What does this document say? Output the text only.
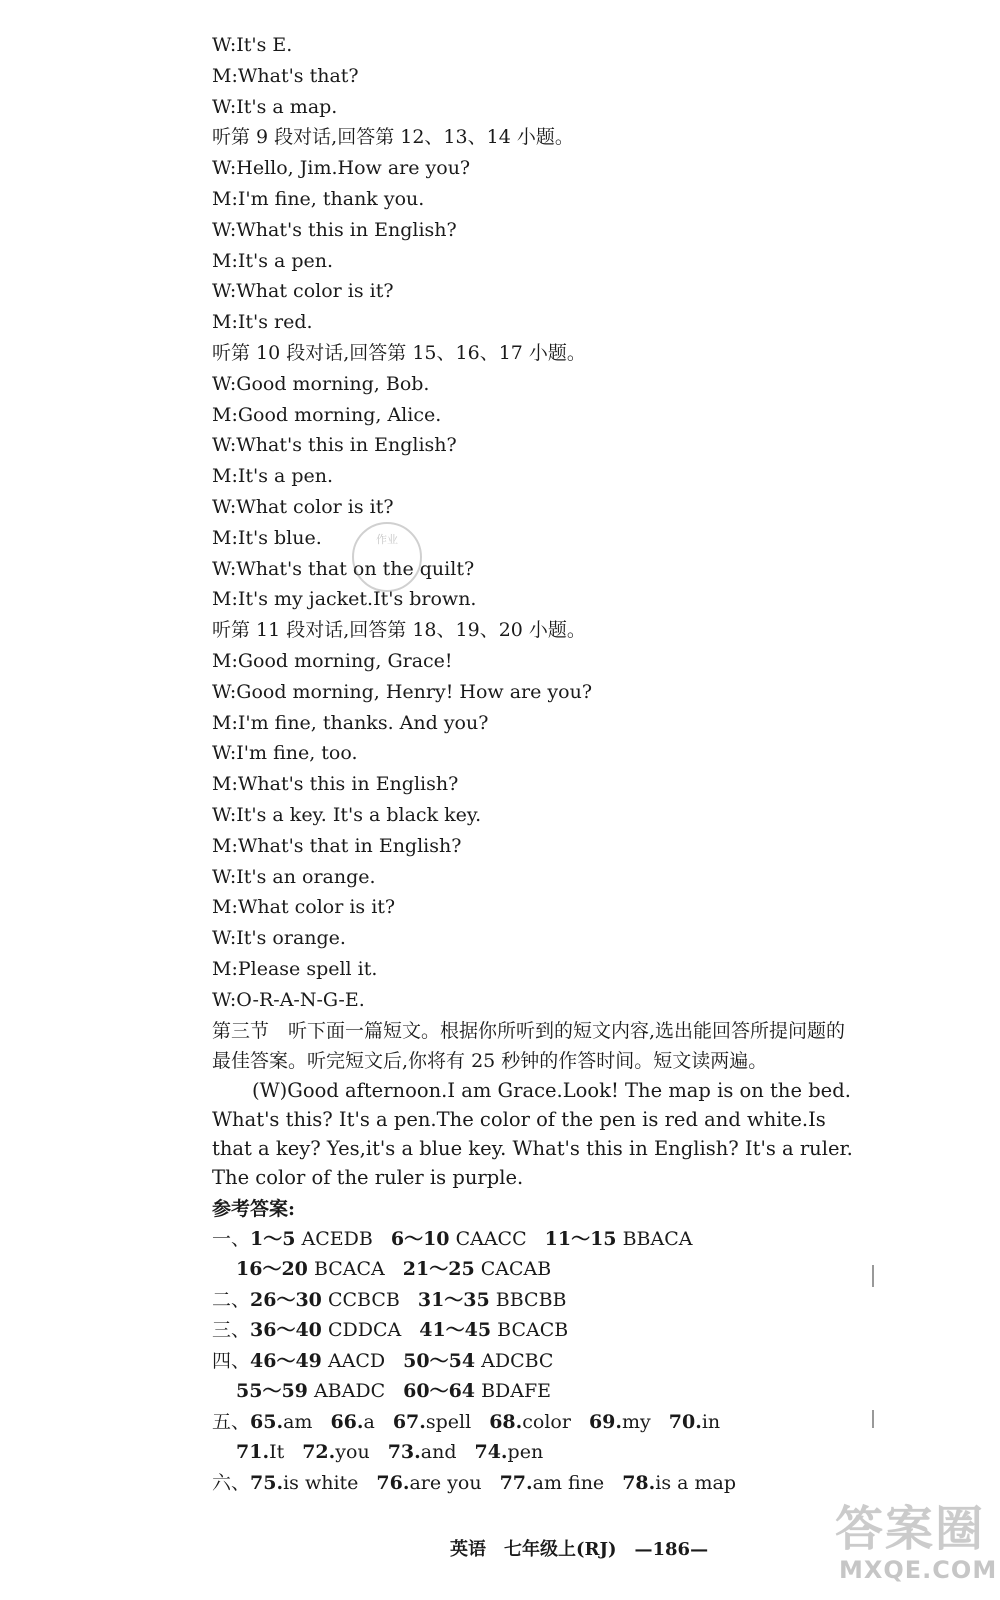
W:It's E.
M:What's that?
W:It's a map.
听第 9 段对话,回答第 12、13、14 小题。
W:Hello, Jim.How are you?
M:I'm fine, thank you.
W:What's this in English?
M:It's a pen.
W:What color is it?
M:It's red.
听第 10 段对话,回答第 15、16、17 小题。
W:Good morning, Bob.
M:Good morning, Alice.
W:What's this in English?
M:It's a pen.
W:What color is it?
M:It's blue.
W:What's that on the quilt?
M:It's my jacket.It's brown.
听第 11 段对话,回答第 18、19、20 小题。
M:Good morning, Grace!
W:Good morning, Henry! How are you?
M:I'm fine, thanks. And you?
W:I'm fine, too.
M:What's this in English?
W:It's a key. It's a black key.
M:What's that in English?
W:It's an orange.
M:What color is it?
W:It's orange.
M:Please spell it.
W:O-R-A-N-G-E.
第三节　听下面一篇短文。根据你所听到的短文内容,选出能回答所提问题的最佳答案。听完短文后,你将有 25 秒钟的作答时间。短文读两遍。
(W)Good afternoon.I am Grace.Look! The map is on the bed. What's this? It's a pen.The color of the pen is red and white.Is that a key? Yes,it's a blue key. What's this in English? It's a ruler. The color of the ruler is purple.
参考答案:
一、1～5 ACEDB 6～10 CAACC 11～15 BBACA
16～20 BCACA 21～25 CACAB
二、26～30 CCBCB 31～35 BBCBB
三、36～40 CDDCA 41～45 BCACB
四、46～49 AACD 50～54 ADCBC
55～59 ABADC 60～64 BDAFE
五、65.am 66.a 67.spell 68.color 69.my 70.in
71.It 72.you 73.and 74.pen
六、75.is white 76.are you 77.am fine 78.is a map
作业
英语　七年级上(RJ)　—186—	答案圈
MXQE.COM
